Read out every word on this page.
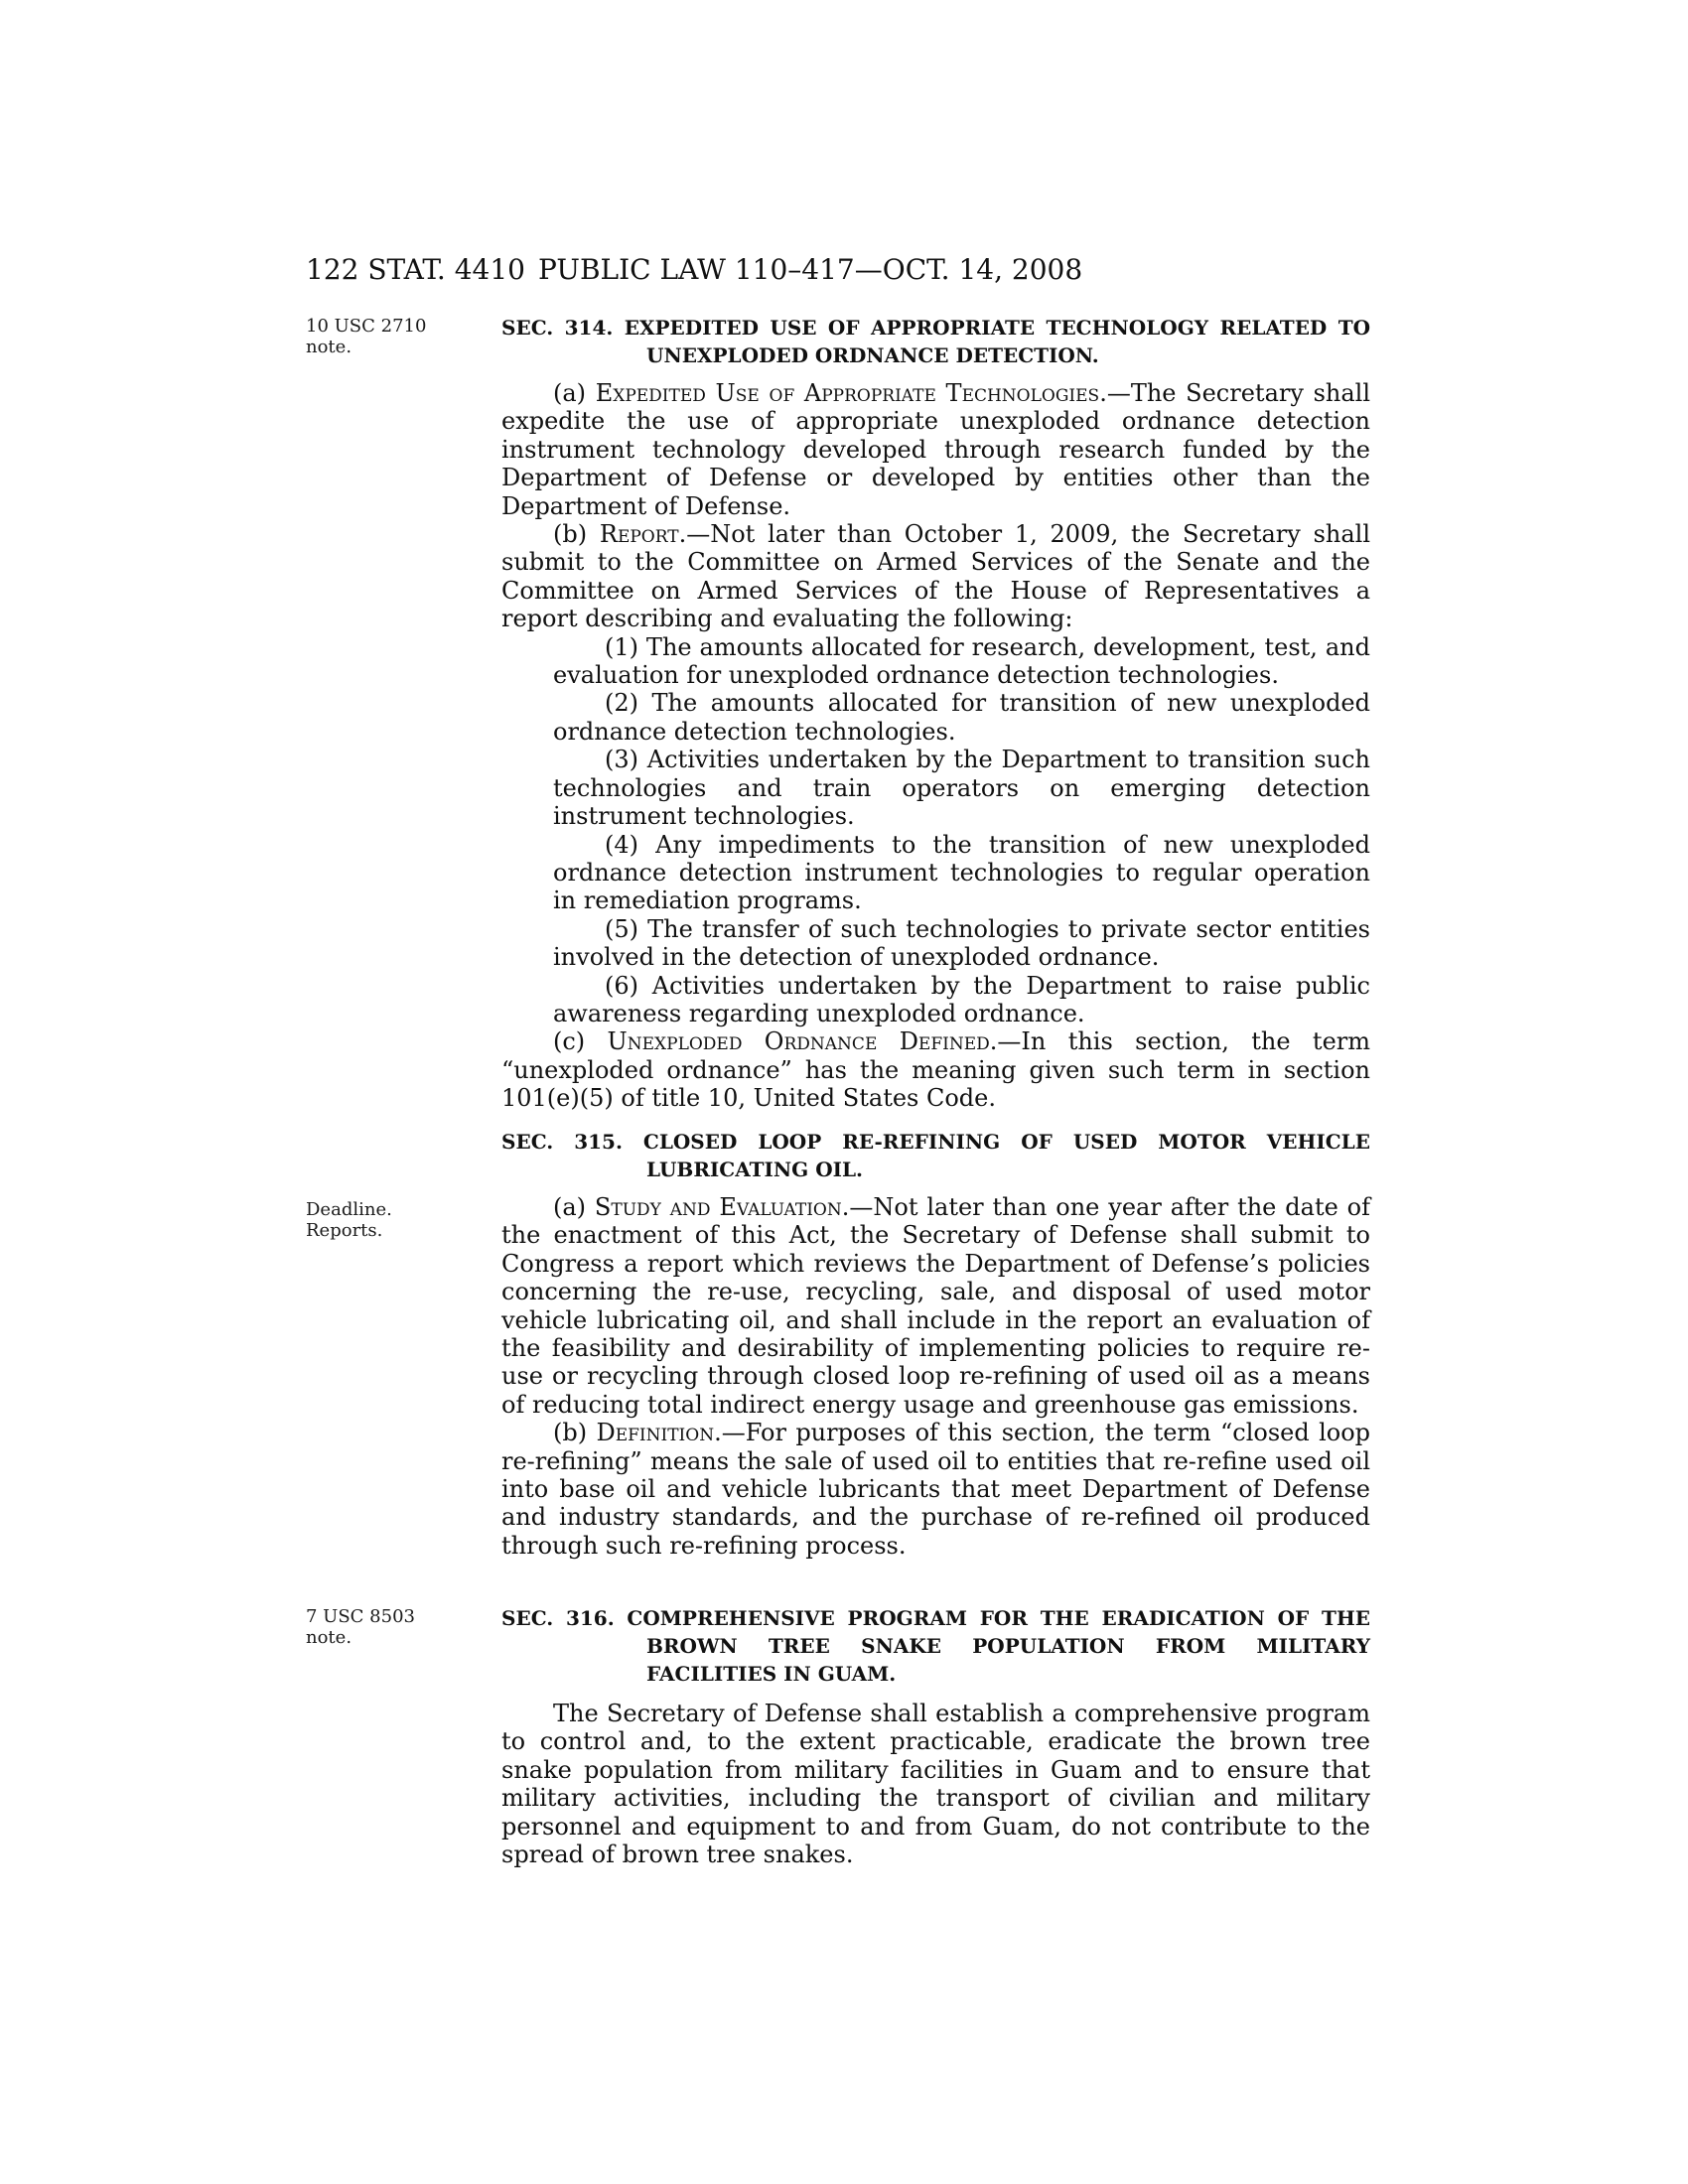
122 STAT. 4410 PUBLIC LAW 110–417—OCT. 14, 2008
10 USC 2710
note.
Deadline.
Reports.
7 USC 8503 note.
SEC. 314. EXPEDITED USE OF APPROPRIATE TECHNOLOGY RELATED TO UNEXPLODED ORDNANCE DETECTION.

(a) Expedited Use of Appropriate Technologies.—The Secretary shall expedite the use of appropriate unexploded ordnance detection instrument technology developed through research funded by the Department of Defense or developed by entities other than the Department of Defense.

(b) Report.—Not later than October 1, 2009, the Secretary shall submit to the Committee on Armed Services of the Senate and the Committee on Armed Services of the House of Representatives a report describing and evaluating the following:

(1) The amounts allocated for research, development, test, and evaluation for unexploded ordnance detection technologies.

(2) The amounts allocated for transition of new unexploded ordnance detection technologies.

(3) Activities undertaken by the Department to transition such technologies and train operators on emerging detection instrument technologies.

(4) Any impediments to the transition of new unexploded ordnance detection instrument technologies to regular operation in remediation programs.

(5) The transfer of such technologies to private sector entities involved in the detection of unexploded ordnance.

(6) Activities undertaken by the Department to raise public awareness regarding unexploded ordnance.

(c) Unexploded Ordnance Defined.—In this section, the term “unexploded ordnance” has the meaning given such term in section 101(e)(5) of title 10, United States Code.

SEC. 315. CLOSED LOOP RE-REFINING OF USED MOTOR VEHICLE LUBRICATING OIL.

(a) Study and Evaluation.—Not later than one year after the date of the enactment of this Act, the Secretary of Defense shall submit to Congress a report which reviews the Department of Defense’s policies concerning the re-use, recycling, sale, and disposal of used motor vehicle lubricating oil, and shall include in the report an evaluation of the feasibility and desirability of implementing policies to require re-use or recycling through closed loop re-refining of used oil as a means of reducing total indirect energy usage and greenhouse gas emissions.

(b) Definition.—For purposes of this section, the term “closed loop re-refining” means the sale of used oil to entities that re-refine used oil into base oil and vehicle lubricants that meet Department of Defense and industry standards, and the purchase of re-refined oil produced through such re-refining process.

SEC. 316. COMPREHENSIVE PROGRAM FOR THE ERADICATION OF THE BROWN TREE SNAKE POPULATION FROM MILITARY FACILITIES IN GUAM.

The Secretary of Defense shall establish a comprehensive program to control and, to the extent practicable, eradicate the brown tree snake population from military facilities in Guam and to ensure that military activities, including the transport of civilian and military personnel and equipment to and from Guam, do not contribute to the spread of brown tree snakes.
